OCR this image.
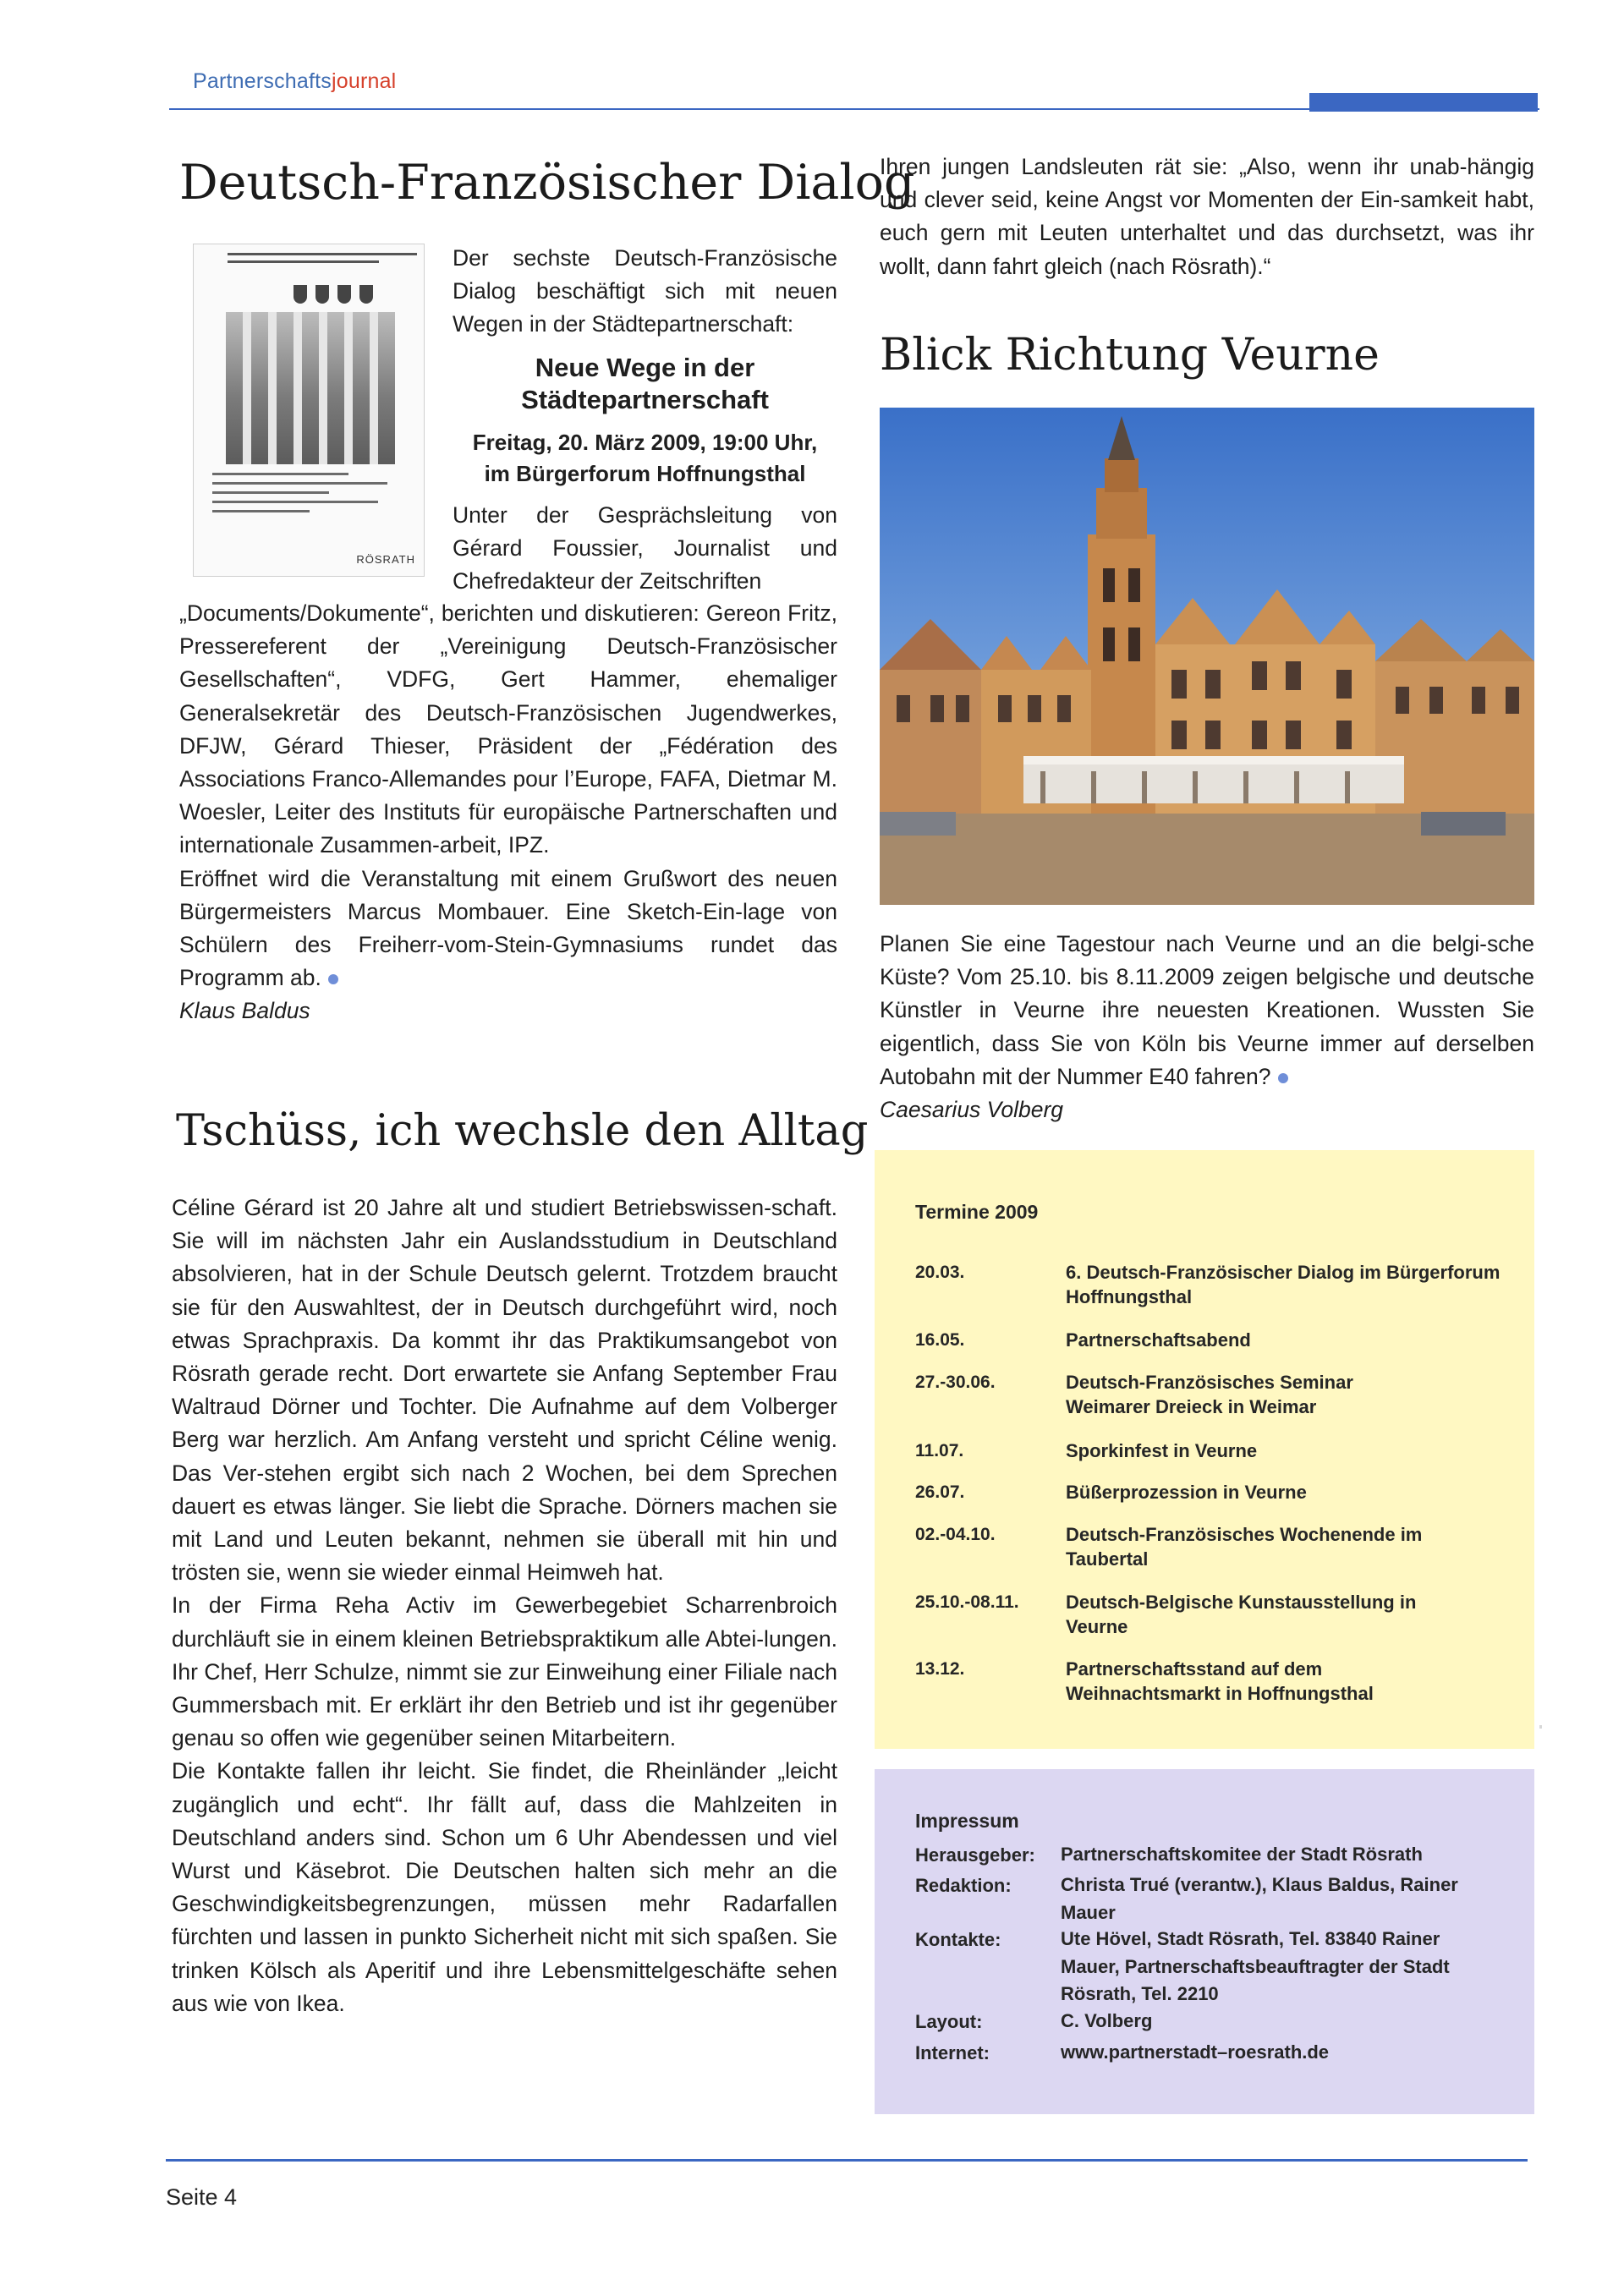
Partnerschaftsjournal
Deutsch-Französischer Dialog
RÖSRATH
Der sechste Deutsch-Französische Dialog beschäftigt sich mit neuen Wegen in der Städtepartnerschaft:
Neue Wege in der
Städtepartnerschaft
Freitag, 20. März 2009, 19:00 Uhr,
im Bürgerforum Hoffnungsthal
Unter der Gesprächsleitung von Gérard Foussier, Journalist und Chefredakteur der Zeitschriften

„Documents/Dokumente“, berichten und diskutieren: Gereon Fritz, Pressereferent der „Vereinigung Deutsch-Französischer Gesellschaften“, VDFG, Gert Hammer, ehemaliger Generalsekretär des Deutsch-Französischen Jugendwerkes, DFJW, Gérard Thieser, Präsident der „Fédération des Associations Franco-Allemandes pour l’Europe, FAFA, Dietmar M. Woesler, Leiter des Instituts für europäische Partnerschaften und internationale Zusammen-arbeit, IPZ.

Eröffnet wird die Veranstaltung mit einem Grußwort des neuen Bürgermeisters Marcus Mombauer. Eine Sketch-Ein-lage von Schülern des Freiherr-vom-Stein-Gymnasiums rundet das Programm ab.

Klaus Baldus

Tschüss, ich wechsle den Alltag

Céline Gérard ist 20 Jahre alt und studiert Betriebswissen-schaft. Sie will im nächsten Jahr ein Auslandsstudium in Deutschland absolvieren, hat in der Schule Deutsch gelernt. Trotzdem braucht sie für den Auswahltest, der in Deutsch durchgeführt wird, noch etwas Sprachpraxis. Da kommt ihr das Praktikumsangebot von Rösrath gerade recht. Dort erwartete sie Anfang September Frau Waltraud Dörner und Tochter. Die Aufnahme auf dem Volberger Berg war herzlich. Am Anfang versteht und spricht Céline wenig. Das Ver-stehen ergibt sich nach 2 Wochen, bei dem Sprechen dauert es etwas länger. Sie liebt die Sprache. Dörners machen sie mit Land und Leuten bekannt, nehmen sie überall mit hin und trösten sie, wenn sie wieder einmal Heimweh hat.

In der Firma Reha Activ im Gewerbegebiet Scharrenbroich durchläuft sie in einem kleinen Betriebspraktikum alle Abtei-lungen. Ihr Chef, Herr Schulze, nimmt sie zur Einweihung einer Filiale nach Gummersbach mit. Er erklärt ihr den Betrieb und ist ihr gegenüber genau so offen wie gegenüber seinen Mitarbeitern.

Die Kontakte fallen ihr leicht. Sie findet, die Rheinländer „leicht zugänglich und echt“. Ihr fällt auf, dass die Mahlzeiten in Deutschland anders sind. Schon um 6 Uhr Abendessen und viel Wurst und Käsebrot. Die Deutschen halten sich mehr an die Geschwindigkeitsbegrenzungen, müssen mehr Radarfallen fürchten und lassen in punkto Sicherheit nicht mit sich spaßen. Sie trinken Kölsch als Aperitif und ihre Lebensmittelgeschäfte sehen aus wie von Ikea.

Ihren jungen Landsleuten rät sie: „Also, wenn ihr unab-hängig und clever seid, keine Angst vor Momenten der Ein-samkeit habt, euch gern mit Leuten unterhaltet und das durchsetzt, was ihr wollt, dann fahrt gleich (nach Rösrath).“
Blick Richtung Veurne

Planen Sie eine Tagestour nach Veurne und an die belgi-sche Küste? Vom 25.10. bis 8.11.2009 zeigen belgische und deutsche Künstler in Veurne ihre neuesten Kreationen. Wussten Sie eigentlich, dass Sie von Köln bis Veurne immer auf derselben Autobahn mit der Nummer E40 fahren?

Caesarius Volberg

Termine 2009
20.03.	6. Deutsch-Französischer Dialog im Bürgerforum Hoffnungsthal
16.05.	Partnerschaftsabend
27.-30.06.	Deutsch-Französisches Seminar Weimarer Dreieck in Weimar
11.07.	Sporkinfest in Veurne
26.07.	Büßerprozession in Veurne
02.-04.10.	Deutsch-Französisches Wochenende im Taubertal
25.10.-08.11.	Deutsch-Belgische Kunstausstellung in Veurne
13.12.	Partnerschaftsstand auf dem Weihnachtsmarkt in Hoffnungsthal
Impressum
Herausgeber: Partnerschaftskomitee der Stadt Rösrath
Redaktion:	Christa Trué (verantw.), Klaus Baldus, Rainer Mauer
Kontakte:	Ute Hövel, Stadt Rösrath, Tel. 83840 Rainer Mauer, Partnerschaftsbeauftragter der Stadt Rösrath, Tel. 2210
Layout:	C. Volberg
Internet:	www.partnerstadt–roesrath.de
Seite 4
